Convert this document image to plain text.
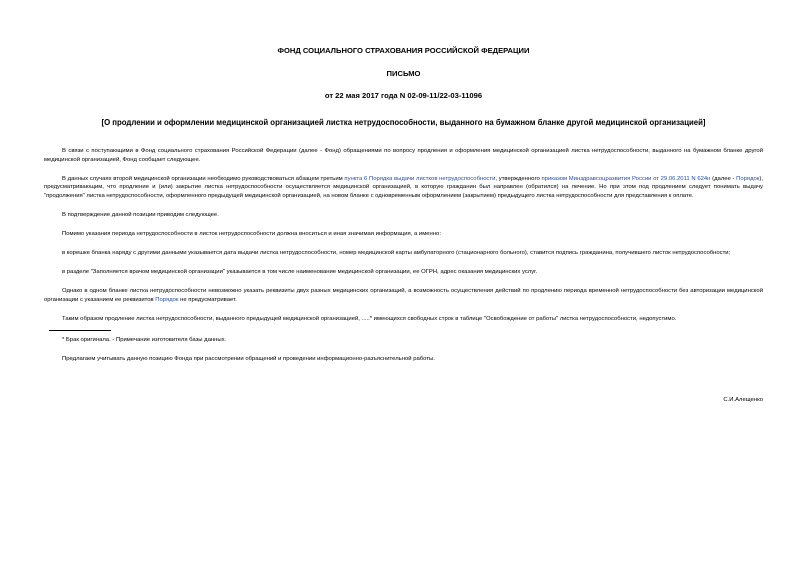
ФОНД СОЦИАЛЬНОГО СТРАХОВАНИЯ РОССИЙСКОЙ ФЕДЕРАЦИИ

ПИСЬМО

от 22 мая 2017 года N 02-09-11/22-03-11096

[О продлении и оформлении медицинской организацией листка нетрудоспособности, выданного на бумажном бланке другой медицинской организацией]

В связи с поступающими в Фонд социального страхования Российской Федерации (далее - Фонд) обращениями по вопросу продления и оформления медицинской организацией листка нетрудоспособности, выданного на бумажном бланке другой медицинской организацией, Фонд сообщает следующее.

В данных случаях второй медицинской организации необходимо руководствоваться абзацем третьим пункта 6 Порядка выдачи листков нетрудоспособности, утвержденного приказом Минздравсоцразвития России от 29.06.2011 N 624н (далее - Порядок), предусматривающим, что продление и (или) закрытие листка нетрудоспособности осуществляется медицинской организацией, в которую гражданин был направлен (обратился) на лечение. Но при этом под продлением следует понимать выдачу "продолжения" листка нетрудоспособности, оформленного предыдущей медицинской организацией, на новом бланке с одновременным оформлением (закрытием) предыдущего листка нетрудоспособности для представления к оплате.

В подтверждение данной позиции приводим следующее.

Помимо указания периода нетрудоспособности в листок нетрудоспособности должна вноситься и иная значимая информация, а именно:

в корешке бланка наряду с другими данными указывается дата выдачи листка нетрудоспособности, номер медицинской карты амбулаторного (стационарного больного), ставится подпись гражданина, получившего листок нетрудоспособности;

в разделе "Заполняется врачом медицинской организации" указывается в том числе наименование медицинской организации, ее ОГРН, адрес оказания медицинских услуг.

Однако в одном бланке листка нетрудоспособности невозможно указать реквизиты двух разных медицинских организаций, а возможность осуществления действий по продлению периода временной нетрудоспособности без авторизации медицинской организации с указанием ее реквизитов Порядок не предусматривает.

Таким образом продление листка нетрудоспособности, выданного предыдущей медицинской организацией, .....* имеющихся свободных строк в таблице "Освобождение от работы" листка нетрудоспособности, недопустимо.

* Брак оригинала. - Примечание изготовителя базы данных.

Предлагаем учитывать данную позицию Фонда при рассмотрении обращений и проведении информационно-разъяснительной работы.

С.И.Алещенко
